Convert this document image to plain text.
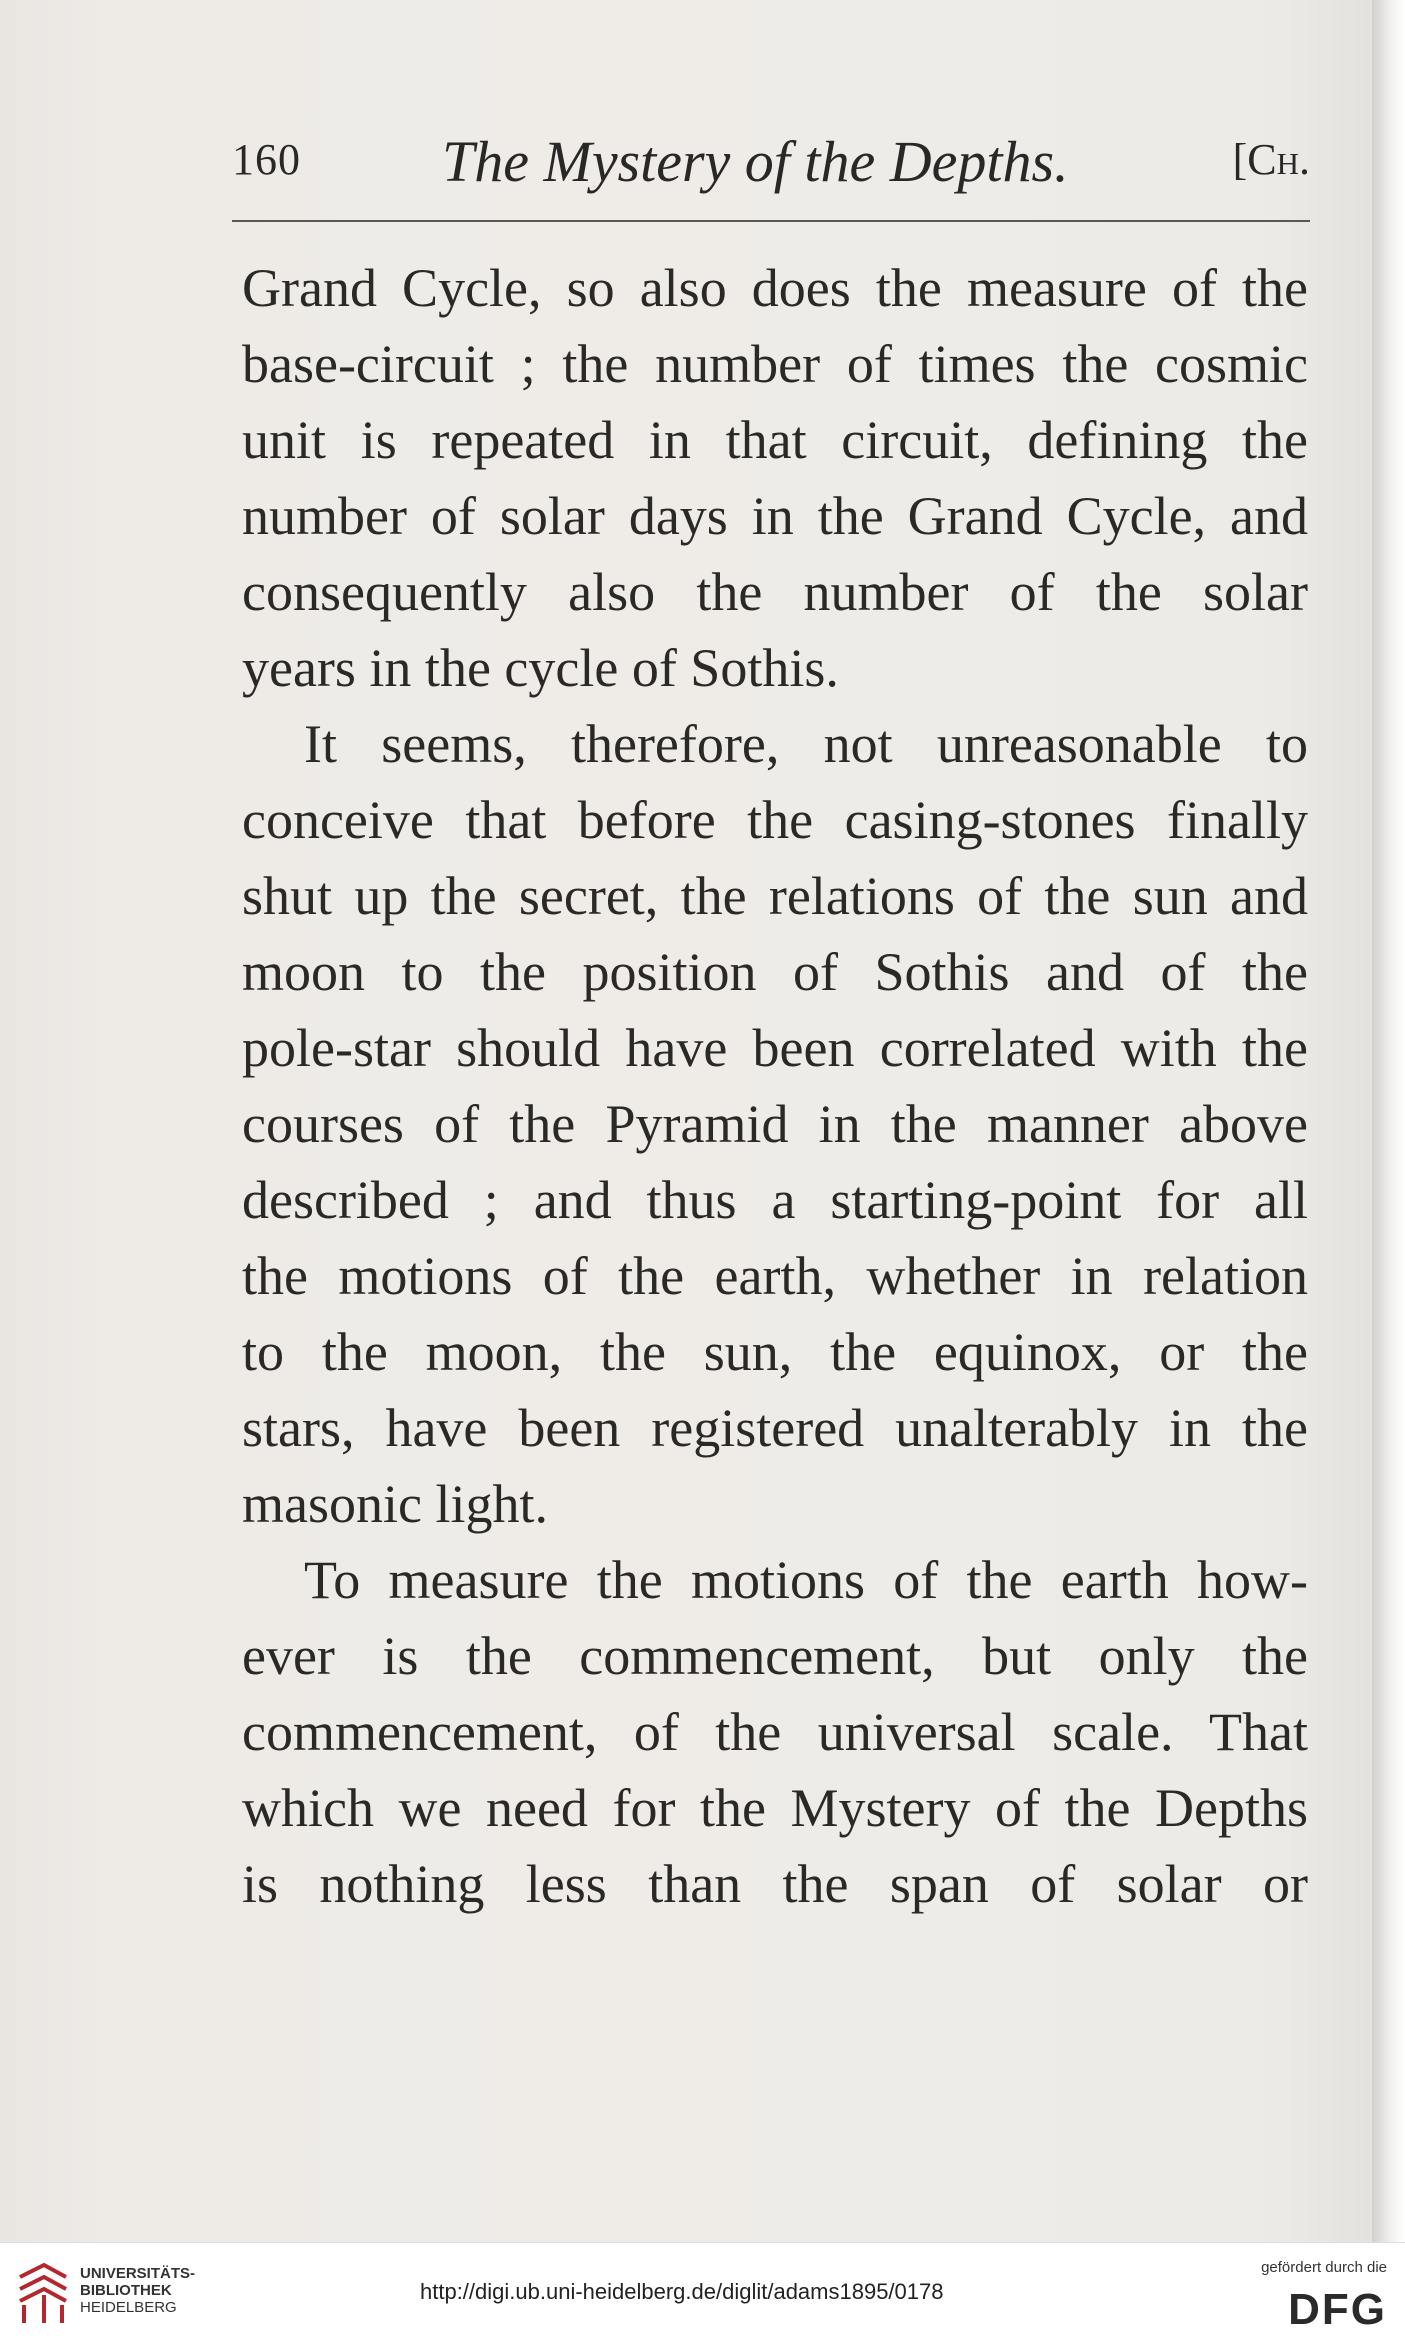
160 The Mystery of the Depths.	[Ch.
Grand Cycle, so also does the measure of the
base-circuit ; the number of times the cosmic
unit is repeated in that circuit, defining the
number of solar days in the Grand Cycle, and
consequently also the number of the solar
years in the cycle of Sothis.
It seems, therefore, not unreasonable to
conceive that before the casing-stones finally
shut up the secret, the relations of the sun and
moon to the position of Sothis and of the
pole-star should have been correlated with the
courses of the Pyramid in the manner above
described ; and thus a starting-point for all
the motions of the earth, whether in relation
to the moon, the sun, the equinox, or the
stars, have been registered unalterably in the
masonic light.
To measure the motions of the earth how-
ever is the commencement, but only the
commencement, of the universal scale. That
which we need for the Mystery of the Depths
is nothing less than the span of solar or
UNIVERSITÄTS-
BIBLIOTHEK
HEIDELBERG
http://digi.ub.uni-heidelberg.de/diglit/adams1895/0178
gefördert durch die
DFG
